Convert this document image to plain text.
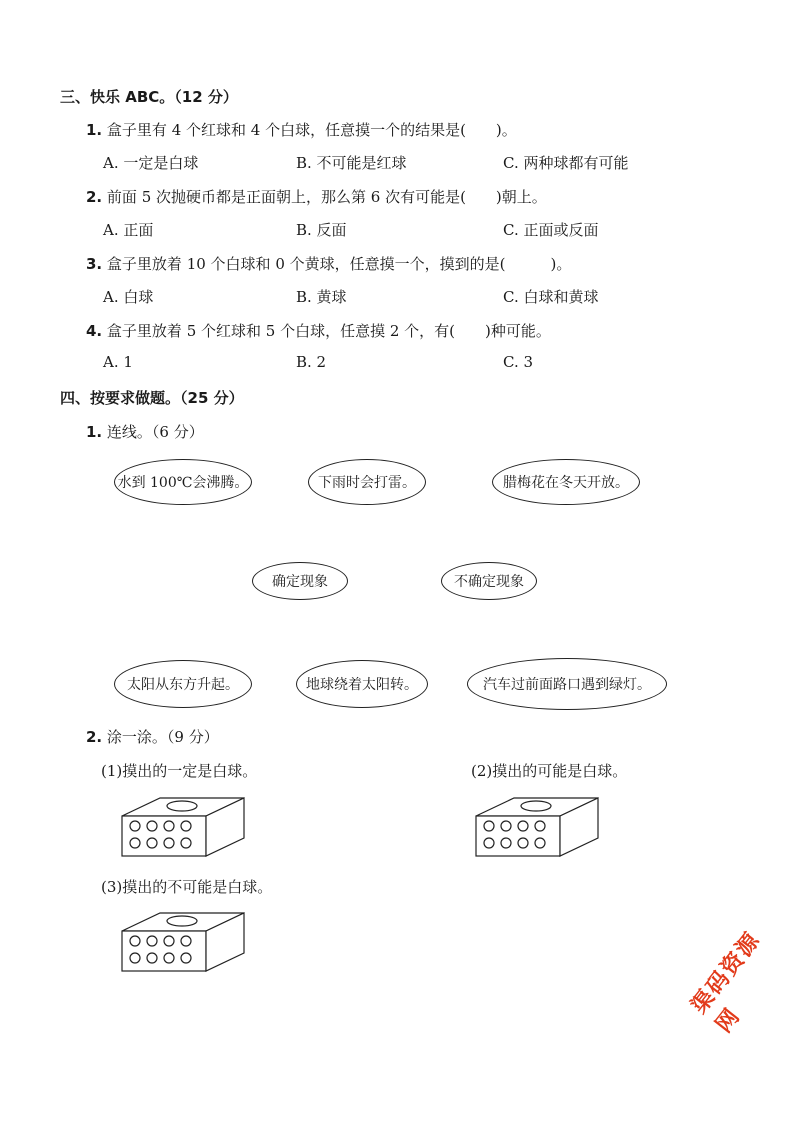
三、快乐 ABC。（12 分）
1. 盒子里有 4 个红球和 4 个白球，任意摸一个的结果是(　　)。
A. 一定是白球	B. 不可能是红球	C. 两种球都有可能
2. 前面 5 次抛硬币都是正面朝上，那么第 6 次有可能是(　　)朝上。
A. 正面	B. 反面	C. 正面或反面
3. 盒子里放着 10 个白球和 0 个黄球，任意摸一个，摸到的是(　　　)。
A. 白球	B. 黄球	C. 白球和黄球
4. 盒子里放着 5 个红球和 5 个白球，任意摸 2 个，有(　　)种可能。
A. 1	B. 2	C. 3
四、按要求做题。（25 分）
1. 连线。（6 分）
水到 100℃会沸腾。	下雨时会打雷。	腊梅花在冬天开放。
确定现象	不确定现象
太阳从东方升起。	地球绕着太阳转。	汽车过前面路口遇到绿灯。
2. 涂一涂。（9 分）
(1)摸出的一定是白球。	(2)摸出的可能是白球。
(3)摸出的不可能是白球。
渠码资源网
